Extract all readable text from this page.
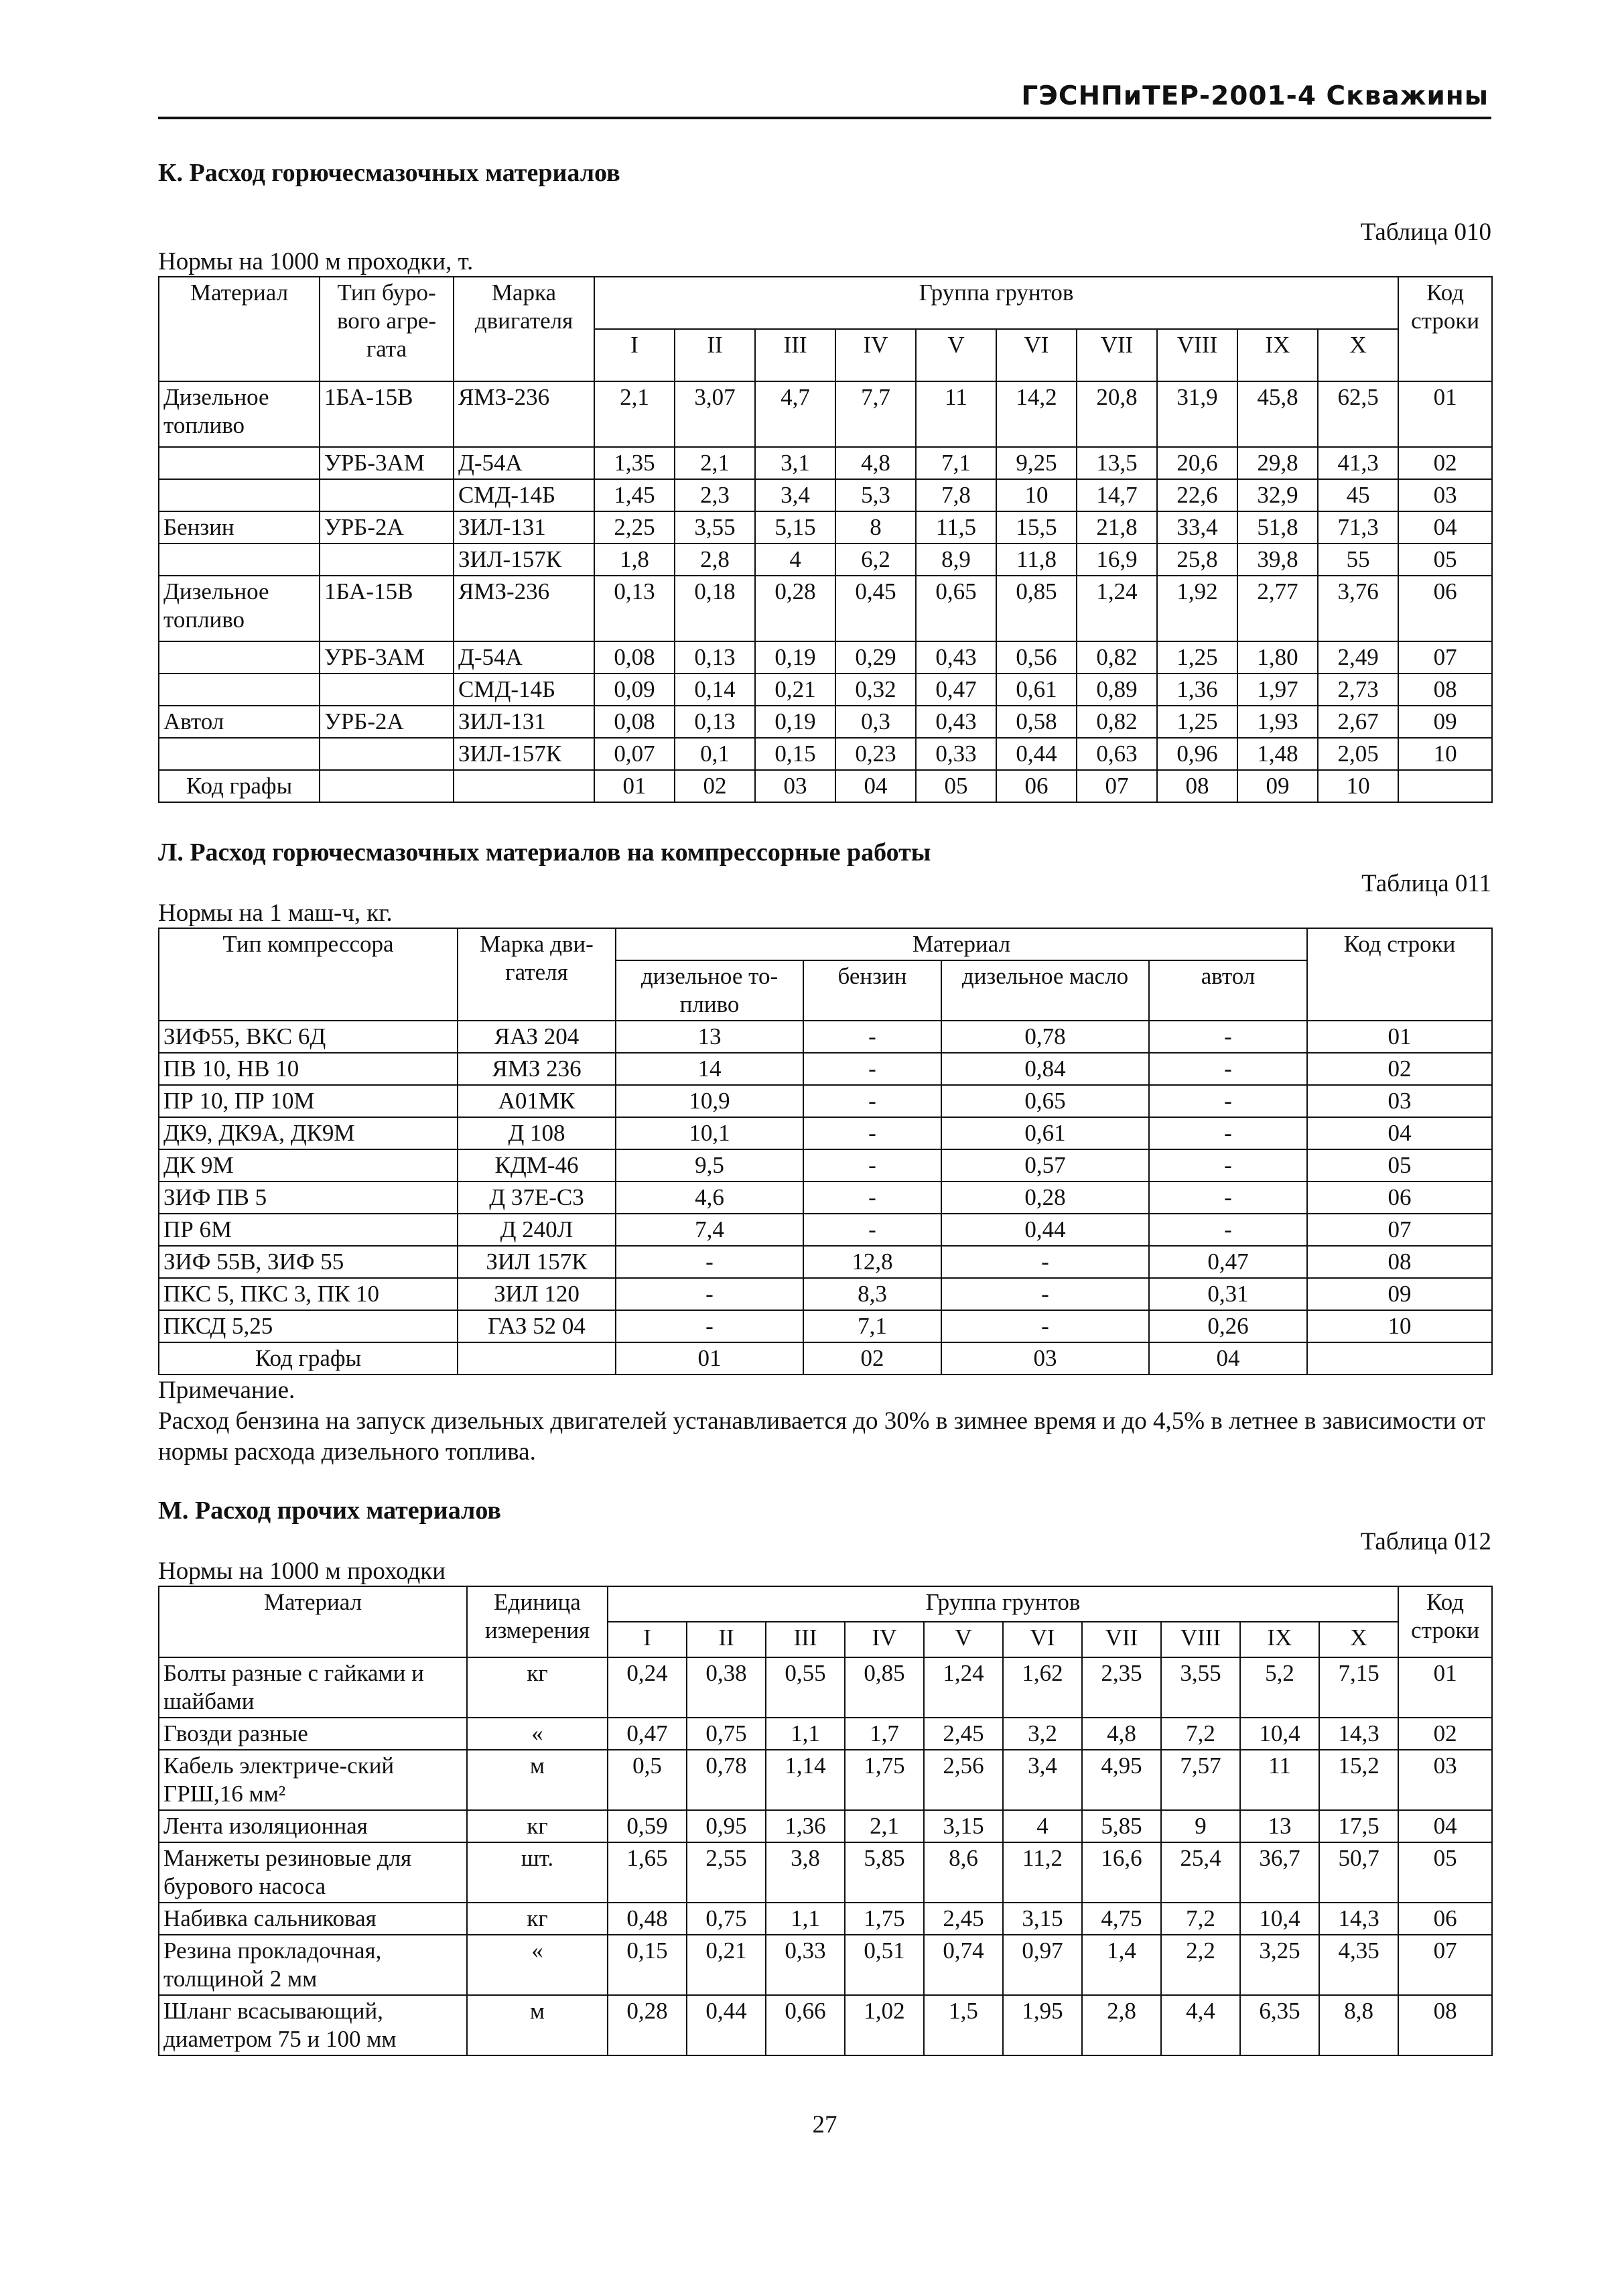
ГЭСНПиТЕР-2001-4 Скважины
К. Расход горючесмазочных материалов
Таблица 010
Нормы на 1000 м проходки, т.
Материал	Тип буро-вого агре-гата	Марка двигателя	Группа грунтов										Код строки
			I	II	III	IV	V	VI	VII	VIII	IX	X	
Дизельное топливо	1БА-15В	ЯМЗ-236	2,1	3,07	4,7	7,7	11	14,2	20,8	31,9	45,8	62,5	01
	УРБ-3АМ	Д-54А	1,35	2,1	3,1	4,8	7,1	9,25	13,5	20,6	29,8	41,3	02
		СМД-14Б	1,45	2,3	3,4	5,3	7,8	10	14,7	22,6	32,9	45	03
Бензин	УРБ-2А	ЗИЛ-131	2,25	3,55	5,15	8	11,5	15,5	21,8	33,4	51,8	71,3	04
		ЗИЛ-157К	1,8	2,8	4	6,2	8,9	11,8	16,9	25,8	39,8	55	05
Дизельное топливо	1БА-15В	ЯМЗ-236	0,13	0,18	0,28	0,45	0,65	0,85	1,24	1,92	2,77	3,76	06
	УРБ-3АМ	Д-54А	0,08	0,13	0,19	0,29	0,43	0,56	0,82	1,25	1,80	2,49	07
		СМД-14Б	0,09	0,14	0,21	0,32	0,47	0,61	0,89	1,36	1,97	2,73	08
Автол	УРБ-2А	ЗИЛ-131	0,08	0,13	0,19	0,3	0,43	0,58	0,82	1,25	1,93	2,67	09
		ЗИЛ-157К	0,07	0,1	0,15	0,23	0,33	0,44	0,63	0,96	1,48	2,05	10
Код графы			01	02	03	04	05	06	07	08	09	10	
Л. Расход горючесмазочных материалов на компрессорные работы
Таблица 011
Нормы на 1 маш-ч, кг.
Тип компрессора	Марка дви-гателя	Материал				Код строки
		дизельное то-пливо	бензин	дизельное масло	автол	
ЗИФ55, ВКС 6Д	ЯАЗ 204	13	-	0,78	-	01
ПВ 10, НВ 10	ЯМЗ 236	14	-	0,84	-	02
ПР 10, ПР 10М	А01МК	10,9	-	0,65	-	03
ДК9, ДК9А, ДК9М	Д 108	10,1	-	0,61	-	04
ДК 9М	КДМ-46	9,5	-	0,57	-	05
ЗИФ ПВ 5	Д 37Е-С3	4,6	-	0,28	-	06
ПР 6М	Д 240Л	7,4	-	0,44	-	07
ЗИФ 55В, ЗИФ 55	ЗИЛ 157К	-	12,8	-	0,47	08
ПКС 5, ПКС 3, ПК 10	ЗИЛ 120	-	8,3	-	0,31	09
ПКСД 5,25	ГАЗ 52 04	-	7,1	-	0,26	10
Код графы		01	02	03	04	
Примечание.
Расход бензина на запуск дизельных двигателей устанавливается до 30% в зимнее время и до 4,5% в летнее в зависимости от нормы расхода дизельного топлива.
М. Расход прочих материалов
Таблица 012
Нормы на 1000 м проходки
Материал	Единица измерения	Группа грунтов										Код строки
		I	II	III	IV	V	VI	VII	VIII	IX	X	
Болты разные с гайками и шайбами	кг	0,24	0,38	0,55	0,85	1,24	1,62	2,35	3,55	5,2	7,15	01
Гвозди разные	«	0,47	0,75	1,1	1,7	2,45	3,2	4,8	7,2	10,4	14,3	02
Кабель электриче-ский ГРШ,16 мм²	м	0,5	0,78	1,14	1,75	2,56	3,4	4,95	7,57	11	15,2	03
Лента изоляционная	кг	0,59	0,95	1,36	2,1	3,15	4	5,85	9	13	17,5	04
Манжеты резиновые для бурового насоса	шт.	1,65	2,55	3,8	5,85	8,6	11,2	16,6	25,4	36,7	50,7	05
Набивка сальниковая	кг	0,48	0,75	1,1	1,75	2,45	3,15	4,75	7,2	10,4	14,3	06
Резина прокладочная, толщиной 2 мм	«	0,15	0,21	0,33	0,51	0,74	0,97	1,4	2,2	3,25	4,35	07
Шланг всасывающий, диаметром 75 и 100 мм	м	0,28	0,44	0,66	1,02	1,5	1,95	2,8	4,4	6,35	8,8	08
27
